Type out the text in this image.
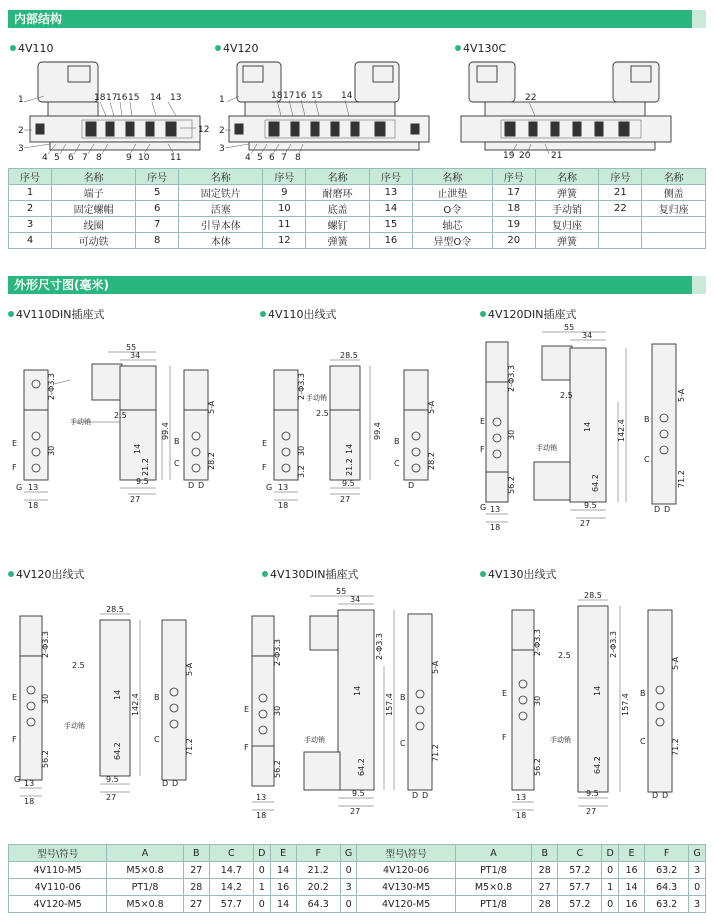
内部结构
4V110	4V120	4V130C
1
2
3
4 5 6 7 8	9 10 11
12
13
14
15
16
17
18	18 17 16 15 14
1
2
3
4 5 6 7 8
22
19 20 21
序号	名称	序号	名称	序号	名称	序号	名称	序号	名称	序号	名称
1	端子	5	固定铁片	9	耐磨环	13	止泄垫	17	弹簧	21	侧盖
2	固定螺帽	6	活塞	10	底盖	14	O令	18	手动销	22	复归座
3	线圈	7	引导本体	11	螺钉	15	轴芯	19	复归座		
4	可动铁	8	本体	12	弹簧	16	异型O令	20	弹簧		
外形尺寸图(毫米)
4V110DIN插座式	4V110出线式	4V120DIN插座式
4V120出线式	4V130DIN插座式	4V130出线式
55
34
2.5
手动销
9.5
27
13
18
E
F
G
B
C
D D
2-Φ3.3
30	14
21.2
99.4
5-A
28.2
28.5
手动销
2.5
9.5
27
13
18
E
F
G
B
C
D
2-Φ3.3
30
3.2
14
21.2
99.4
5-A
28.2
55
34
2.5
手动销
9.5
27
13
18
E
F
G
B
C
D D
2-Φ3.3
30
56.2
14
64.2
142.4
5-A
71.2
28.5
2.5
手动销
9.5
27
13
18
E
F
G
B
C
D D
2-Φ3.3
30
56.2
14
64.2
142.4
5-A
71.2
55
34
手动销
9.5
27
13
18
E
F
B
C
D D
2-Φ3.3
30
56.2
14
64.2
2-Φ3.3
157.4
5-A
71.2
28.5
2.5
手动销
9.5
27
13
18
E
F
B
C
D D
2-Φ3.3
30
56.2
14
64.2
2-Φ3.3
157.4
5-A
71.2
型号\符号	A	B	C	D	E	F	G	型号\符号	A	B	C	D	E	F	G
4V110-M5	M5×0.8	27	14.7	0	14	21.2	0	4V120-06	PT1/8	28	57.2	0	16	63.2	3
4V110-06	PT1/8	28	14.2	1	16	20.2	3	4V130-M5	M5×0.8	27	57.7	1	14	64.3	0
4V120-M5	M5×0.8	27	57.7	0	14	64.3	0	4V120-M5	PT1/8	28	57.2	0	16	63.2	3
